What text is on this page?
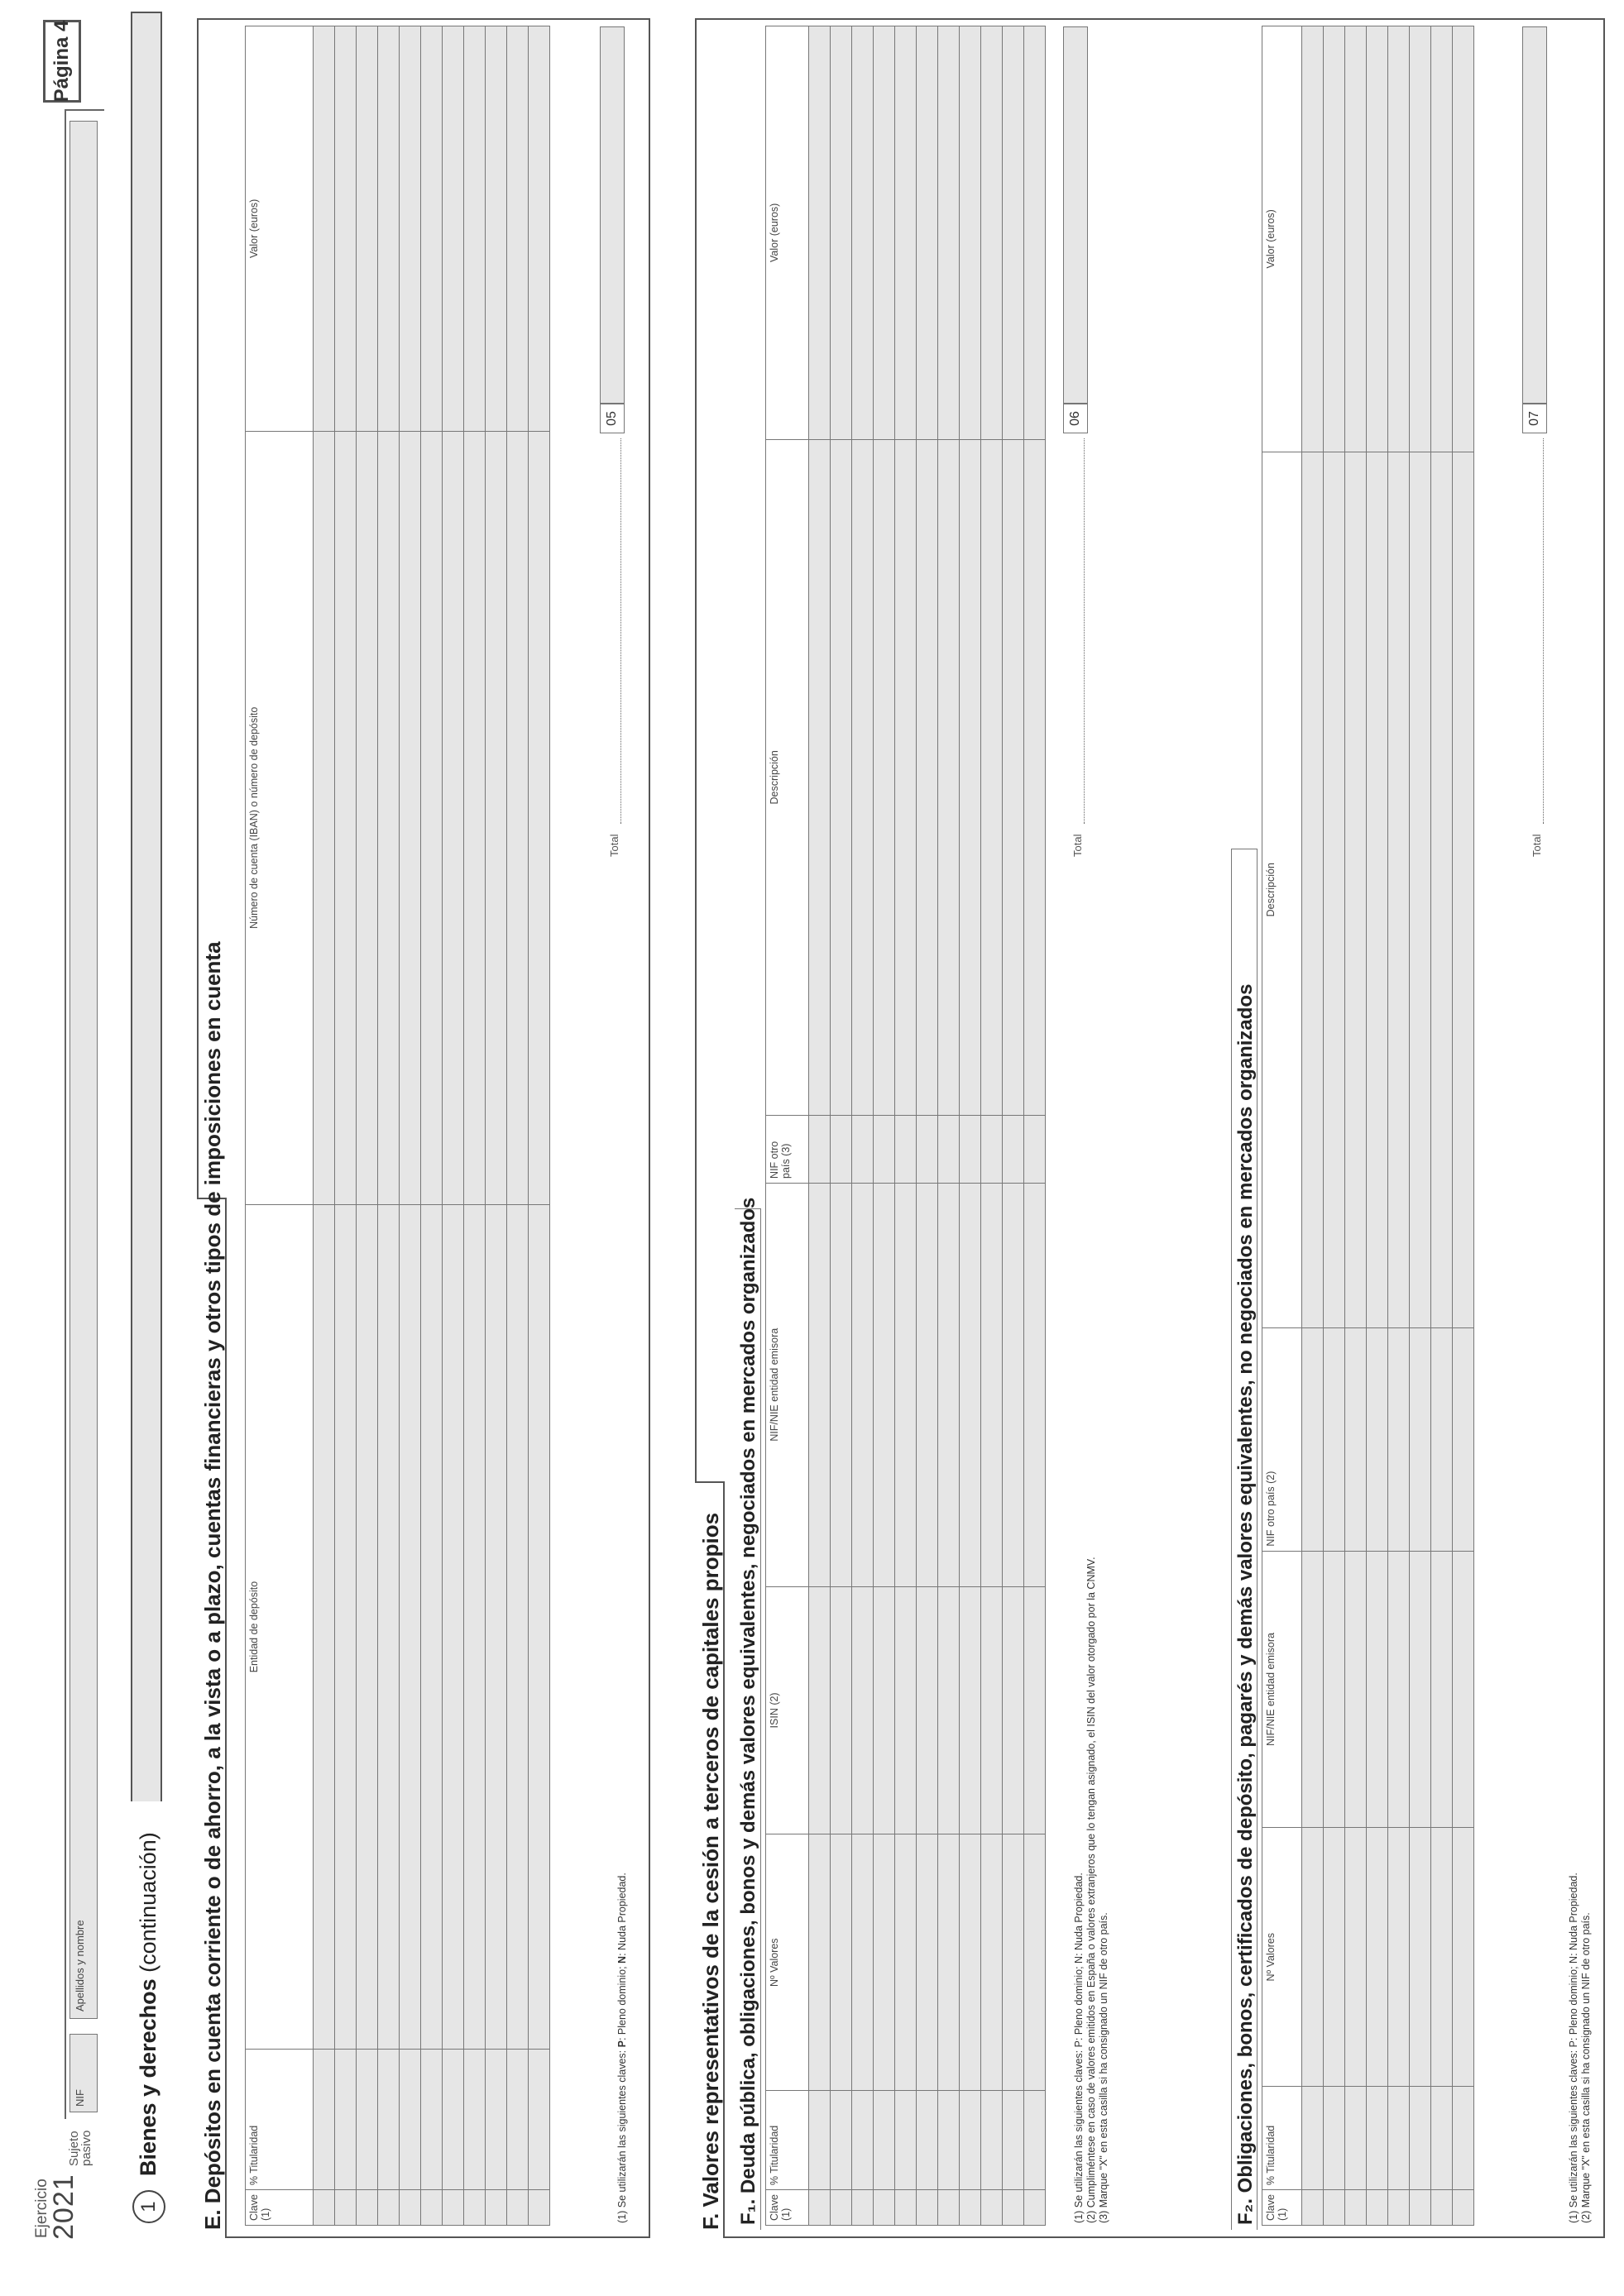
Ejercicio
2021
Sujeto
pasivo
NIF
Apellidos y nombre
Página 4
1
Bienes y derechos (continuación) E. Depósitos en cuenta corriente o de ahorro, a la vista o a plazo, cuentas financieras y otros tipos de imposiciones en cuenta Clave (1)	% Titularidad	Entidad de depósito	Número de cuenta (IBAN) o número de depósito	Valor (euros)

(1) Se utilizarán las siguientes claves: P: Pleno dominio; N: Nuda Propiedad.
Total
05
F. Valores representativos de la cesión a terceros de capitales propios F₁. Deuda pública, obligaciones, bonos y demás valores equivalentes, negociados en mercados organizados Clave (1)	% Titularidad	Nº Valores	ISIN (2)	NIF/NIE entidad emisora	NIF otro país (3)	Descripción	Valor (euros)

(1) Se utilizarán las siguientes claves: P: Pleno dominio; N: Nuda Propiedad. (2) Cumpliméntese en caso de valores emitidos en España o valores extranjeros que lo tengan asignado, el ISIN del valor otorgado por la CNMV. (3) Marque "X" en esta casilla si ha consignado un NIF de otro país.
Total
06
F₂. Obligaciones, bonos, certificados de depósito, pagarés y demás valores equivalentes, no negociados en mercados organizados Clave (1)	% Titularidad	Nº Valores	NIF/NIE entidad emisora	NIF otro país (2)	Descripción	Valor (euros)

(1) Se utilizarán las siguientes claves: P: Pleno dominio; N: Nuda Propiedad. (2) Marque "X" en esta casilla si ha consignado un NIF de otro país.
Total
07
